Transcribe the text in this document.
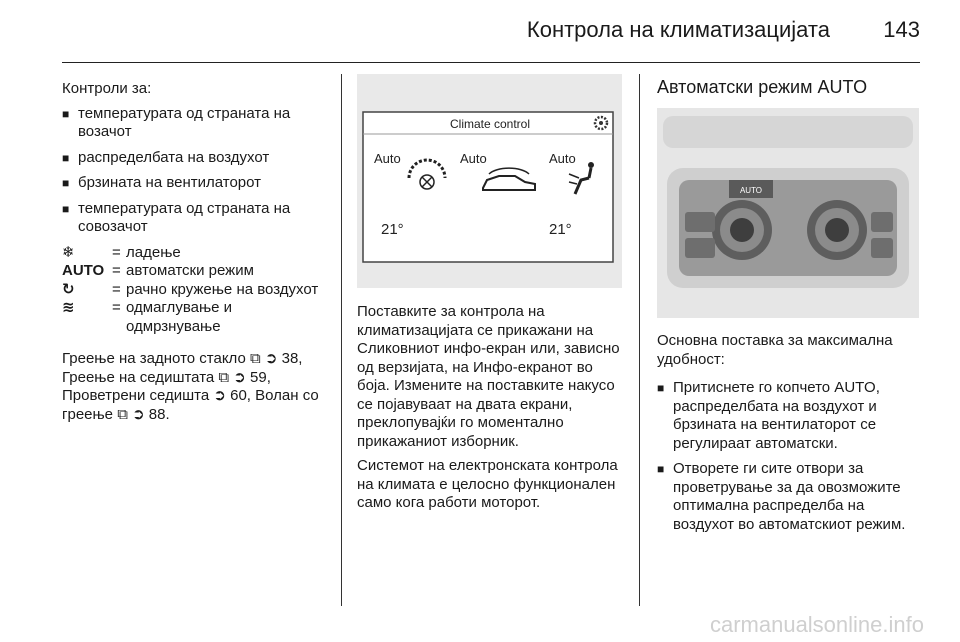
Контрола на климатизацијата 143

Контроли за:

■ температурата од страната на возачот
■ распределбата на воздухот
■ брзината на вентилаторот
■ температурата од страната на совозачот
❄	= ладење
AUTO = автоматски режим
↻	= рачно кружење на воздухот
≋	= одмаглување и одмрзнување

Греење на задното стакло ⧉ ➲ 38, Греење на седиштата ⧉ ➲ 59, Проветрени седишта ➲ 60, Волан со греење ⧉ ➲ 88.

Climate control
Auto	Auto	Auto
21°	21°

Поставките за контрола на климатизацијата се прикажани на Сликовниот инфо-екран или, зависно од верзијата, на Инфо-екранот во боја. Измените на поставките накусо се појавуваат на двата екрани, преклопувајќи го моментално прикажаниот изборник.

Системот на електронската контрола на климата е целосно функционален само кога работи моторот.

Автоматски режим AUTO
AUTO

Основна поставка за максимална удобност:

■ Притиснете го копчето AUTO, распределбата на воздухот и брзината на вентилаторот се регулираат автоматски.
■ Отворете ги сите отвори за проветрување за да овозможите оптимална распределба на воздухот во автоматскиот режим.
carmanualsonline.info
